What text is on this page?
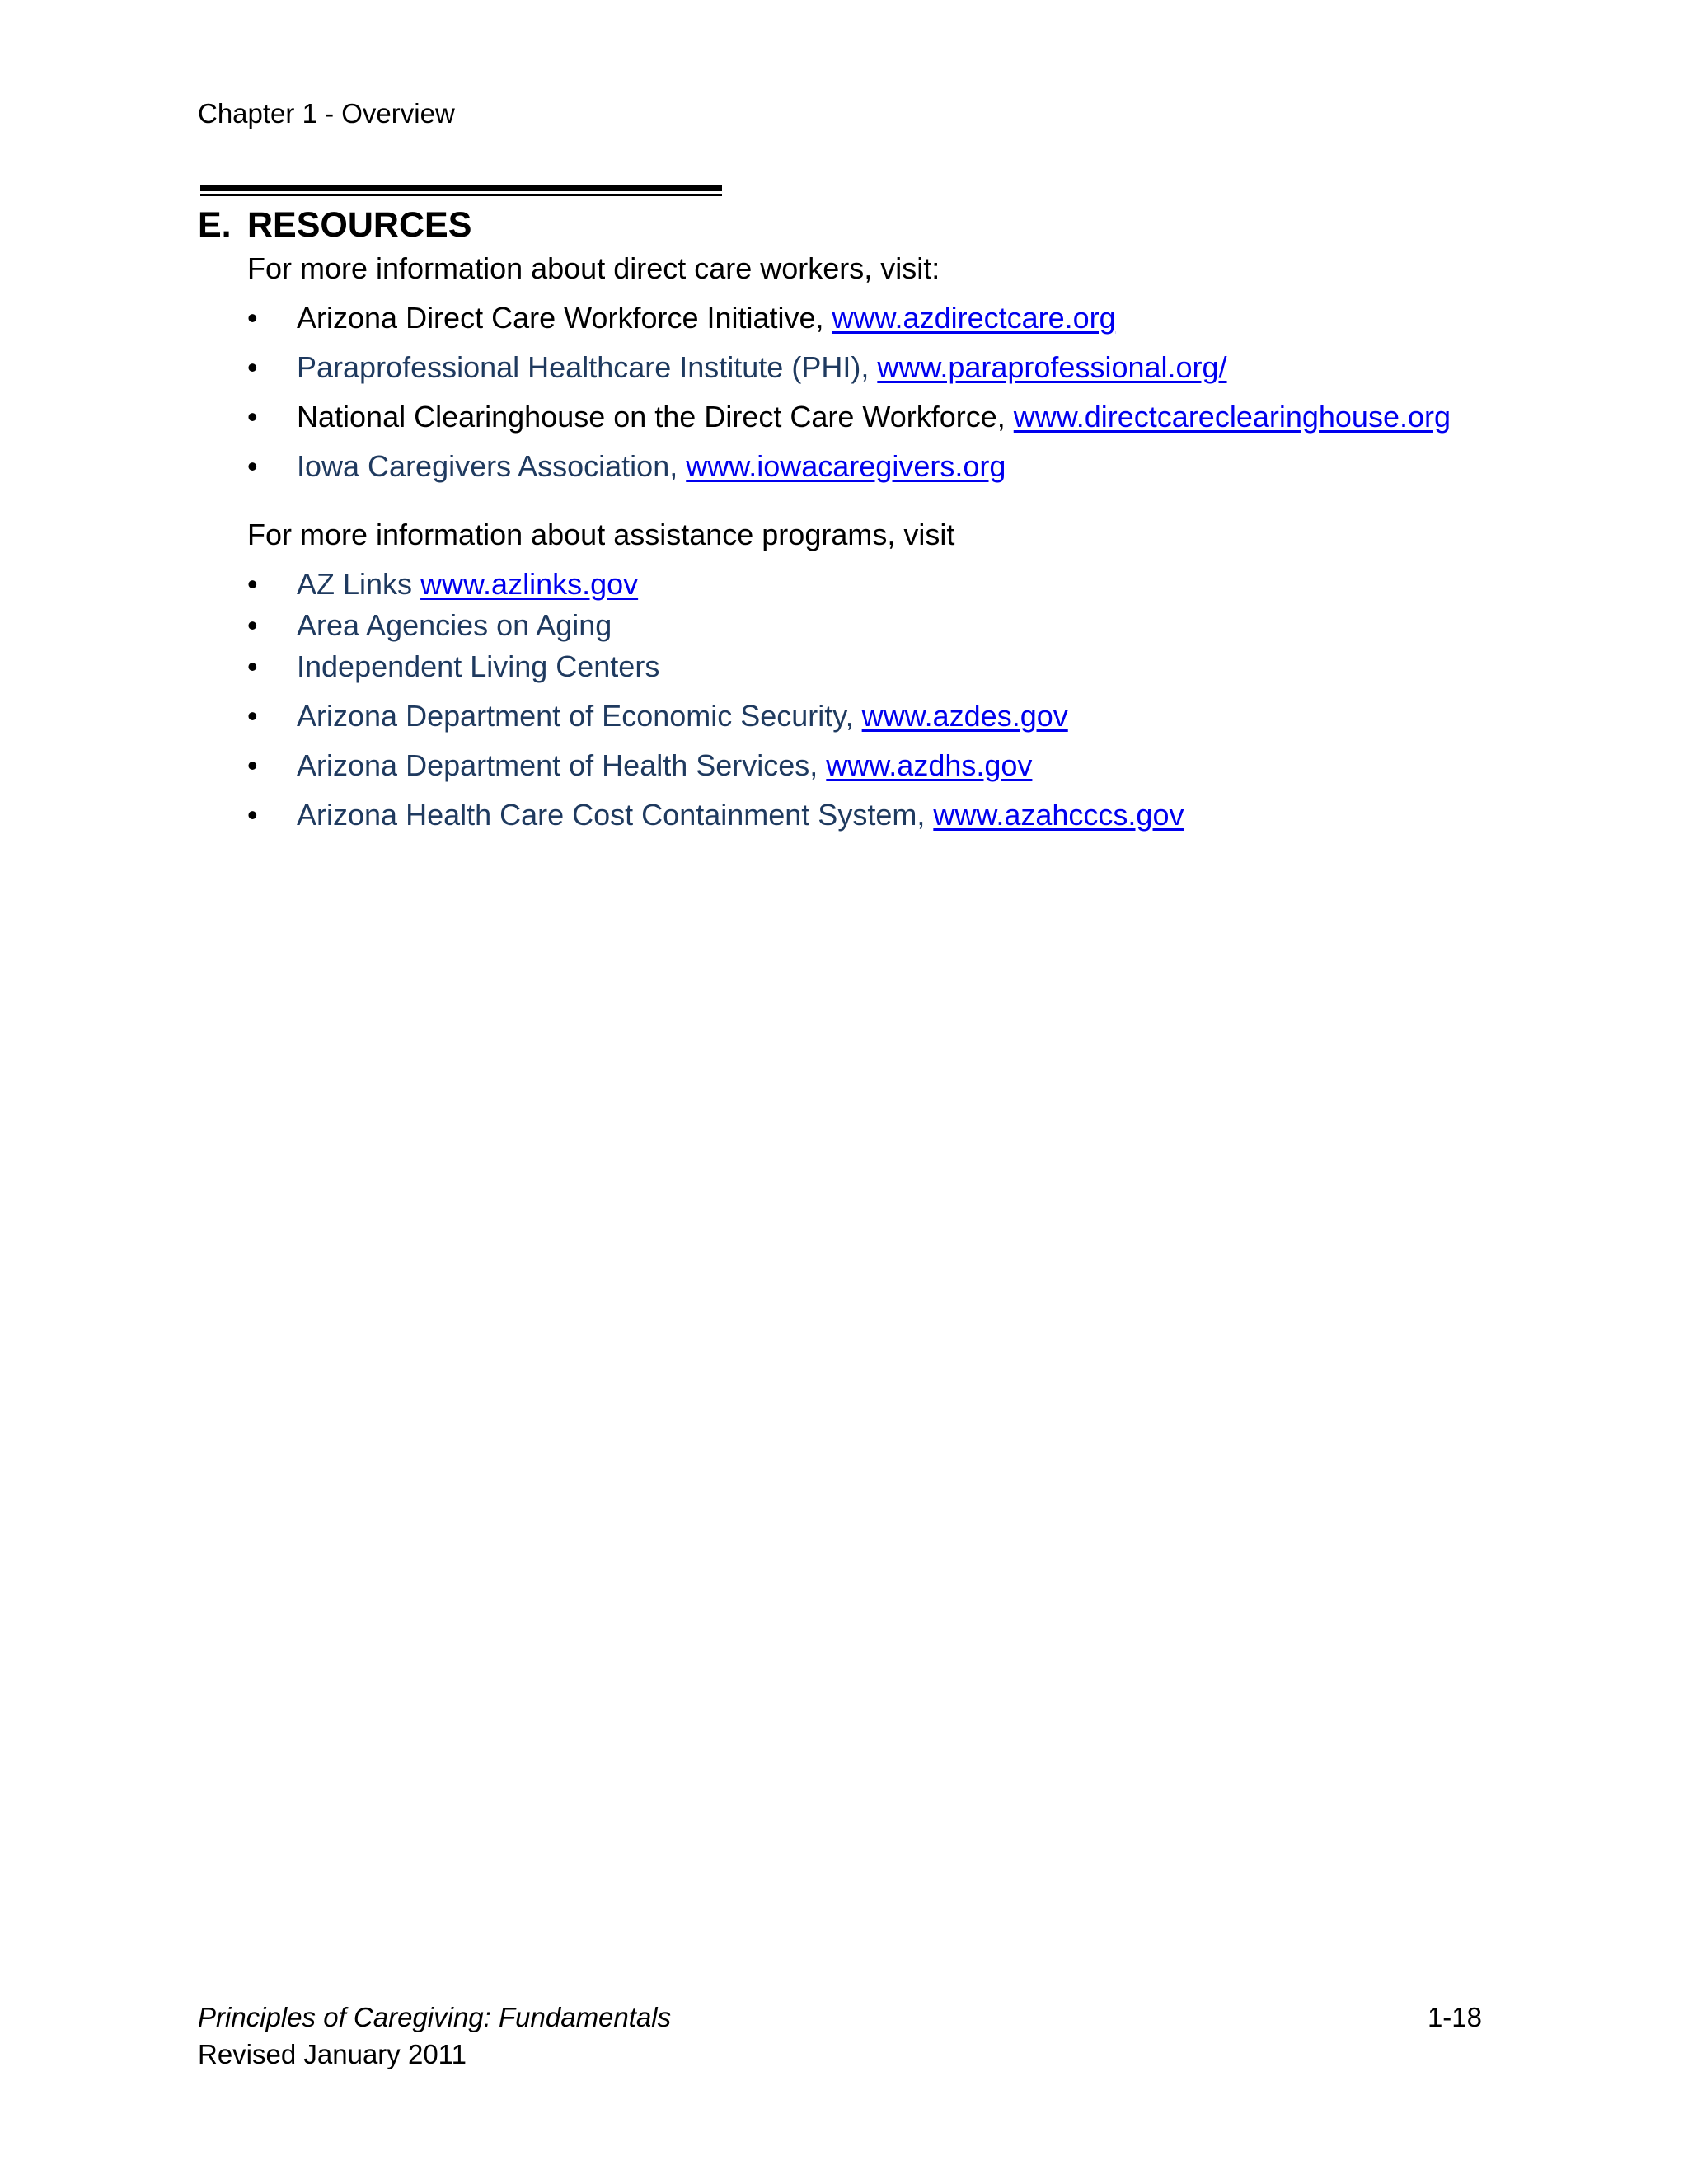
Chapter 1 - Overview
E. RESOURCES

For more information about direct care workers, visit:

• Arizona Direct Care Workforce Initiative, www.azdirectcare.org
• Paraprofessional Healthcare Institute (PHI), www.paraprofessional.org/
• National Clearinghouse on the Direct Care Workforce, www.directcareclearinghouse.org
• Iowa Caregivers Association, www.iowacaregivers.org

For more information about assistance programs, visit

• AZ Links www.azlinks.gov
• Area Agencies on Aging
• Independent Living Centers
• Arizona Department of Economic Security, www.azdes.gov
• Arizona Department of Health Services, www.azdhs.gov
• Arizona Health Care Cost Containment System, www.azahcccs.gov
Principles of Caregiving: Fundamentals
Revised January 2011
1-18
